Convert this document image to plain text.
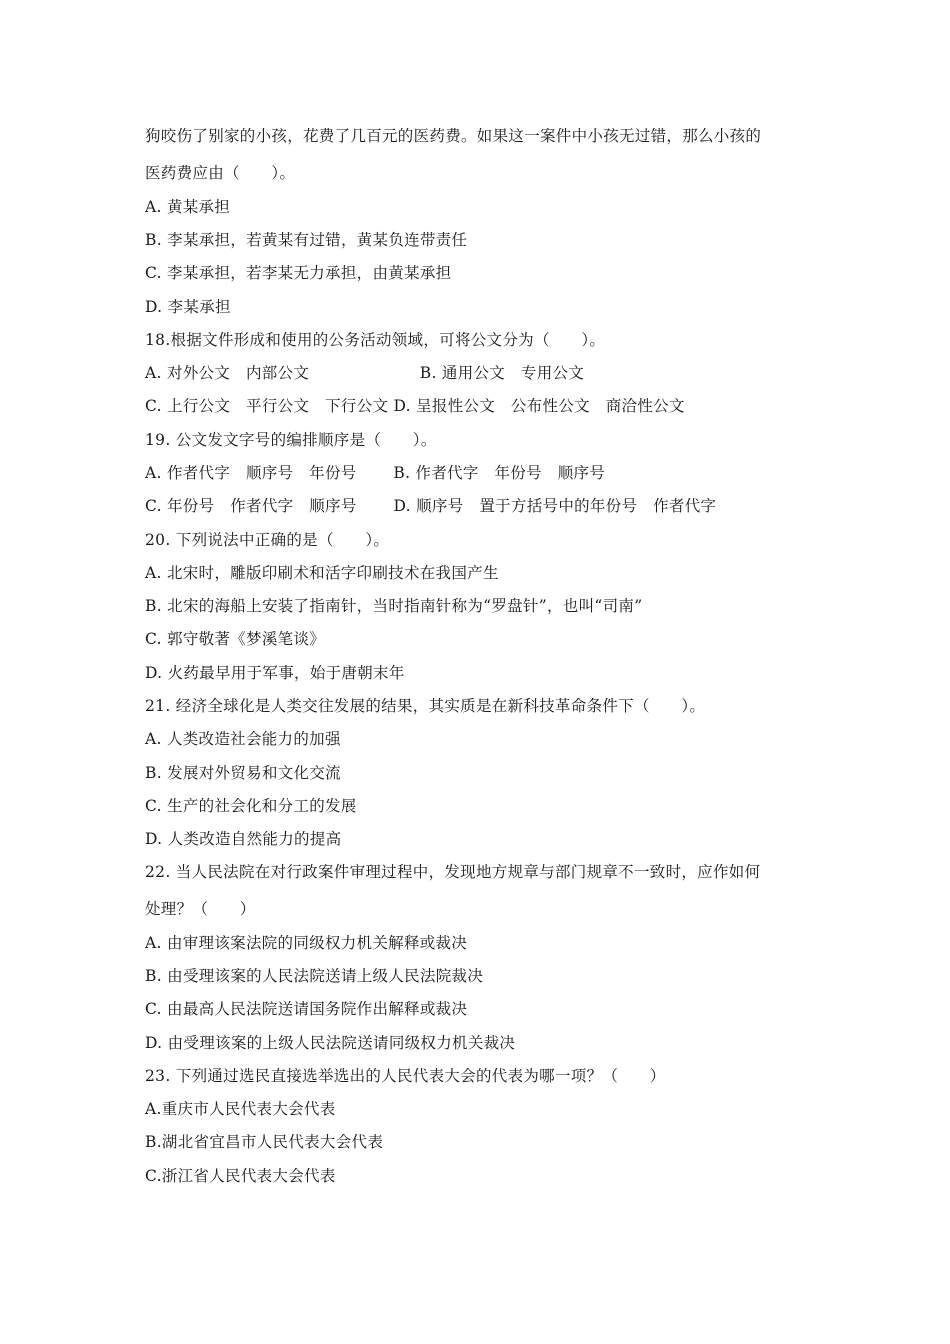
狗咬伤了别家的小孩，花费了几百元的医药费。如果这一案件中小孩无过错，那么小孩的
医药费应由（　　）。
A. 黄某承担
B. 李某承担，若黄某有过错，黄某负连带责任
C. 李某承担，若李某无力承担，由黄某承担
D. 李某承担
18.根据文件形成和使用的公务活动领域，可将公文分为（　　）。
A. 对外公文　内部公文　　　　　　　B. 通用公文　专用公文
C. 上行公文　平行公文　下行公文 D. 呈报性公文　公布性公文　商洽性公文
19. 公文发文字号的编排顺序是（　　）。
A. 作者代字　顺序号　年份号　　 B. 作者代字　年份号　顺序号
C. 年份号　作者代字　顺序号　　 D. 顺序号　置于方括号中的年份号　作者代字
20. 下列说法中正确的是（　　）。
A. 北宋时，雕版印刷术和活字印刷技术在我国产生
B. 北宋的海船上安装了指南针，当时指南针称为“罗盘针”，也叫“司南”
C. 郭守敬著《梦溪笔谈》
D. 火药最早用于军事，始于唐朝末年
21. 经济全球化是人类交往发展的结果，其实质是在新科技革命条件下（　　）。
A. 人类改造社会能力的加强
B. 发展对外贸易和文化交流
C. 生产的社会化和分工的发展
D. 人类改造自然能力的提高
22. 当人民法院在对行政案件审理过程中，发现地方规章与部门规章不一致时，应作如何
处理？（　　）
A. 由审理该案法院的同级权力机关解释或裁决
B. 由受理该案的人民法院送请上级人民法院裁决
C. 由最高人民法院送请国务院作出解释或裁决
D. 由受理该案的上级人民法院送请同级权力机关裁决
23. 下列通过选民直接选举选出的人民代表大会的代表为哪一项？（　　）
A.重庆市人民代表大会代表
B.湖北省宜昌市人民代表大会代表
C.浙江省人民代表大会代表
